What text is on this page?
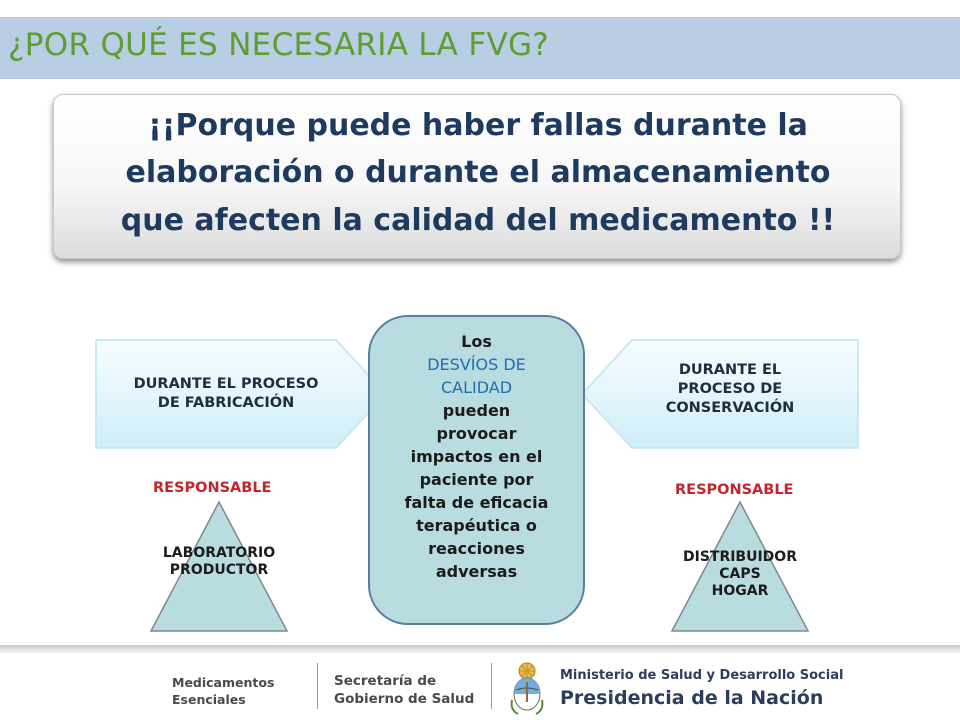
¿POR QUÉ ES NECESARIA LA FVG?
¡¡Porque puede haber fallas durante la
elaboración o durante el almacenamiento
que afecten la calidad del medicamento !!
DURANTE EL PROCESO
DE FABRICACIÓN
DURANTE EL
PROCESO DE
CONSERVACIÓN
Los
DESVÍOS DE
CALIDAD
pueden
provocar
impactos en el
paciente por
falta de eficacia
terapéutica o
reacciones
adversas
RESPONSABLE
LABORATORIO
PRODUCTOR
RESPONSABLE
DISTRIBUIDOR
CAPS
HOGAR
Medicamentos
Esenciales
Secretaría de
Gobierno de Salud
Ministerio de Salud y Desarrollo Social
Presidencia de la Nación
